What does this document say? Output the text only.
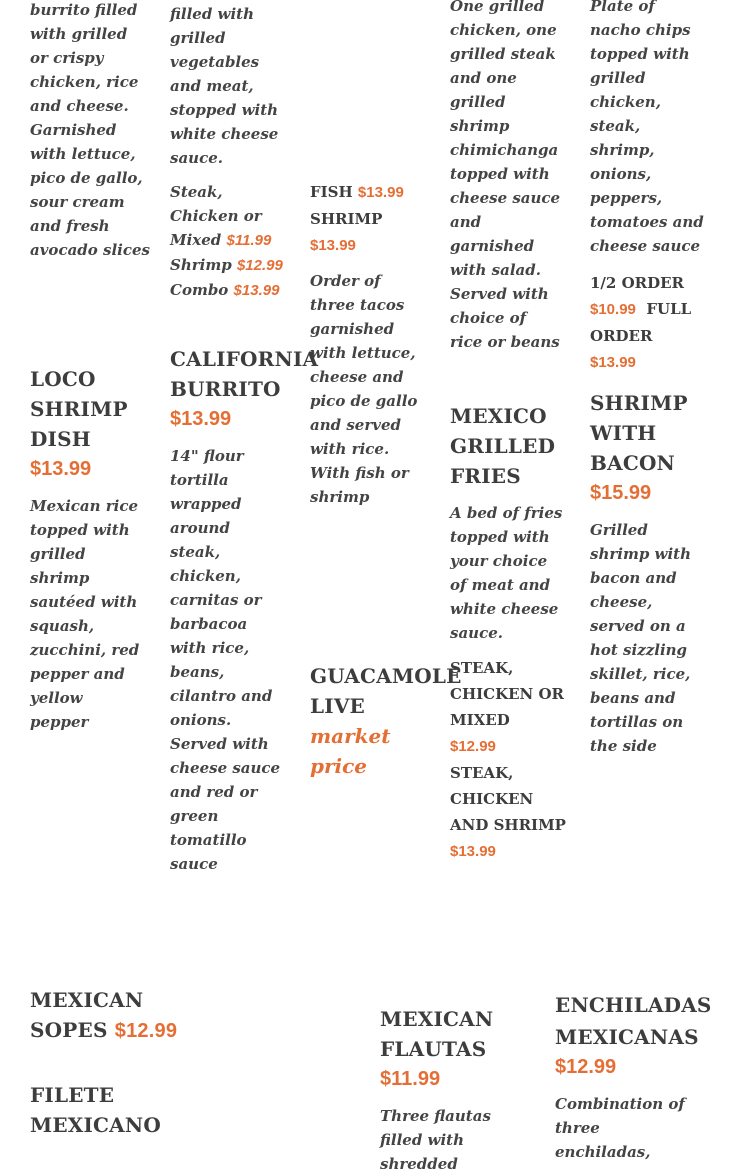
burrito filled with grilled or crispy chicken, rice and cheese. Garnished with lettuce, pico de gallo, sour cream and fresh avocado slices

filled with grilled vegetables and meat, stopped with white cheese sauce.

Steak, Chicken or Mixed $11.99

Shrimp $12.99

Combo $13.99

FISH $13.99

SHRIMP

$13.99

Order of three tacos garnished with lettuce, cheese and pico de gallo and served with rice. With fish or shrimp

One grilled chicken, one grilled steak and one grilled shrimp chimichanga topped with cheese sauce and garnished with salad. Served with choice of rice or beans

Plate of nacho chips topped with grilled chicken, steak, shrimp, onions, peppers, tomatoes and cheese sauce

1/2 ORDER

$10.99 FULL ORDER

$13.99

LOCO SHRIMP DISH
$13.99

Mexican rice topped with grilled shrimp sautéed with squash, zucchini, red pepper and yellow pepper

CALIFORNIA BURRITO
$13.99

14" flour tortilla wrapped around steak, chicken, carnitas or barbacoa with rice, beans, cilantro and onions. Served with cheese sauce and red or green tomatillo sauce

GUACAMOLE LIVE
market price
MEXICO GRILLED FRIES

A bed of fries topped with your choice of meat and white cheese sauce.

STEAK, CHICKEN OR MIXED

$12.99

STEAK, CHICKEN AND SHRIMP

$13.99

SHRIMP WITH BACON
$15.99

Grilled shrimp with bacon and cheese, served on a hot sizzling skillet, rice, beans and tortillas on the side

MEXICAN SOPES $12.99
FILETE MEXICANO
MEXICAN FLAUTAS
$11.99

Three flautas filled with shredded

ENCHILADAS MEXICANAS
$12.99

Combination of three enchiladas,
